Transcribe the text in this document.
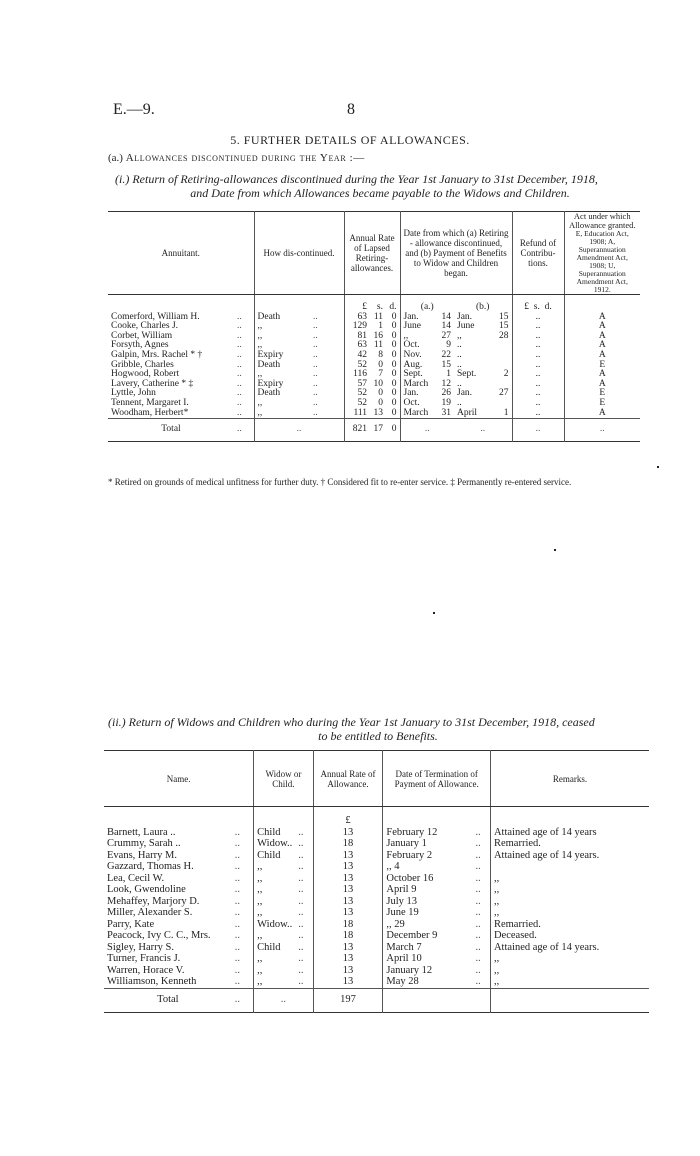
E.—9.	8
5. FURTHER DETAILS OF ALLOWANCES.
(a.) Allowances discontinued during the Year :—
(i.) Return of Retiring-allowances discontinued during the Year 1st January to 31st December, 1918,
and Date from which Allowances became payable to the Widows and Children.
Annuitant.		How dis-continued.		Annual Rate of Lapsed Retiring-allowances.			Date from which (a) Retiring - allowance discontinued, and (b) Payment of Benefits to Widow and Children began.				Refund of Contribu-tions.	Act under which Allowance granted.
E, Education Act, 1908; A, Superannuation Amendment Act, 1908; U, Superannuation Amendment Act, 1912.

				£	s.	d.	(a.)		(b.)		£ s. d.	
Comerford, William H.	..	Death	..	63	11	0	Jan.	14	Jan.	15	..	A
Cooke, Charles J.	..	,,	..	129	1	0	June	14	June	15	..	A
Corbet, William	..	,,	..	81	16	0	,,	27	,,	28	..	A
Forsyth, Agnes	..	,,	..	63	11	0	Oct.	9	..		..	A
Galpin, Mrs. Rachel * †	..	Expiry	..	42	8	0	Nov.	22	..		..	A
Gribble, Charles	..	Death	..	52	0	0	Aug.	15	..		..	E
Hogwood, Robert	..	,,	..	116	7	0	Sept.	1	Sept.	2	..	A
Lavery, Catherine * ‡	..	Expiry	..	57	10	0	March	12	..		..	A
Lyttle, John	..	Death	..	52	0	0	Jan.	26	Jan.	27	..	E
Tennent, Margaret I.	..	,,	..	52	0	0	Oct.	19	..		..	E
Woodham, Herbert*	..	,,	..	111	13	0	March	31	April	1	..	A
Total	..	..		821	17	0	..		..		..	..
* Retired on grounds of medical unfitness for further duty. † Considered fit to re-enter service. ‡ Permanently re-entered service.
(ii.) Return of Widows and Children who during the Year 1st January to 31st December, 1918, ceased
to be entitled to Benefits.
Name.		Widow or Child.		Annual Rate of Allowance.	Date of Termination of Payment of Allowance.		Remarks.

				£			
Barnett, Laura ..	..	Child	..	13	February 12	..	Attained age of 14 years
Crummy, Sarah ..	..	Widow..	..	18	January 1	..	Remarried.
Evans, Harry M.	..	Child	..	13	February 2	..	Attained age of 14 years.
Gazzard, Thomas H.	..	,,	..	13	,, 4	..	
Lea, Cecil W.	..	,,	..	13	October 16	..	,,
Look, Gwendoline	..	,,	..	13	April 9	..	,,
Mehaffey, Marjory D.	..	,,	..	13	July 13	..	,,
Miller, Alexander S.	..	,,	..	13	June 19	..	,,
Parry, Kate	..	Widow..	..	18	,, 29	..	Remarried.
Peacock, Ivy C. C., Mrs.	..	,,	..	18	December 9	..	Deceased.
Sigley, Harry S.	..	Child	..	13	March 7	..	Attained age of 14 years.
Turner, Francis J.	..	,,	..	13	April 10	..	,,
Warren, Horace V.	..	,,	..	13	January 12	..	,,
Williamson, Kenneth	..	,,	..	13	May 28	..	,,
Total	..	..		197			
